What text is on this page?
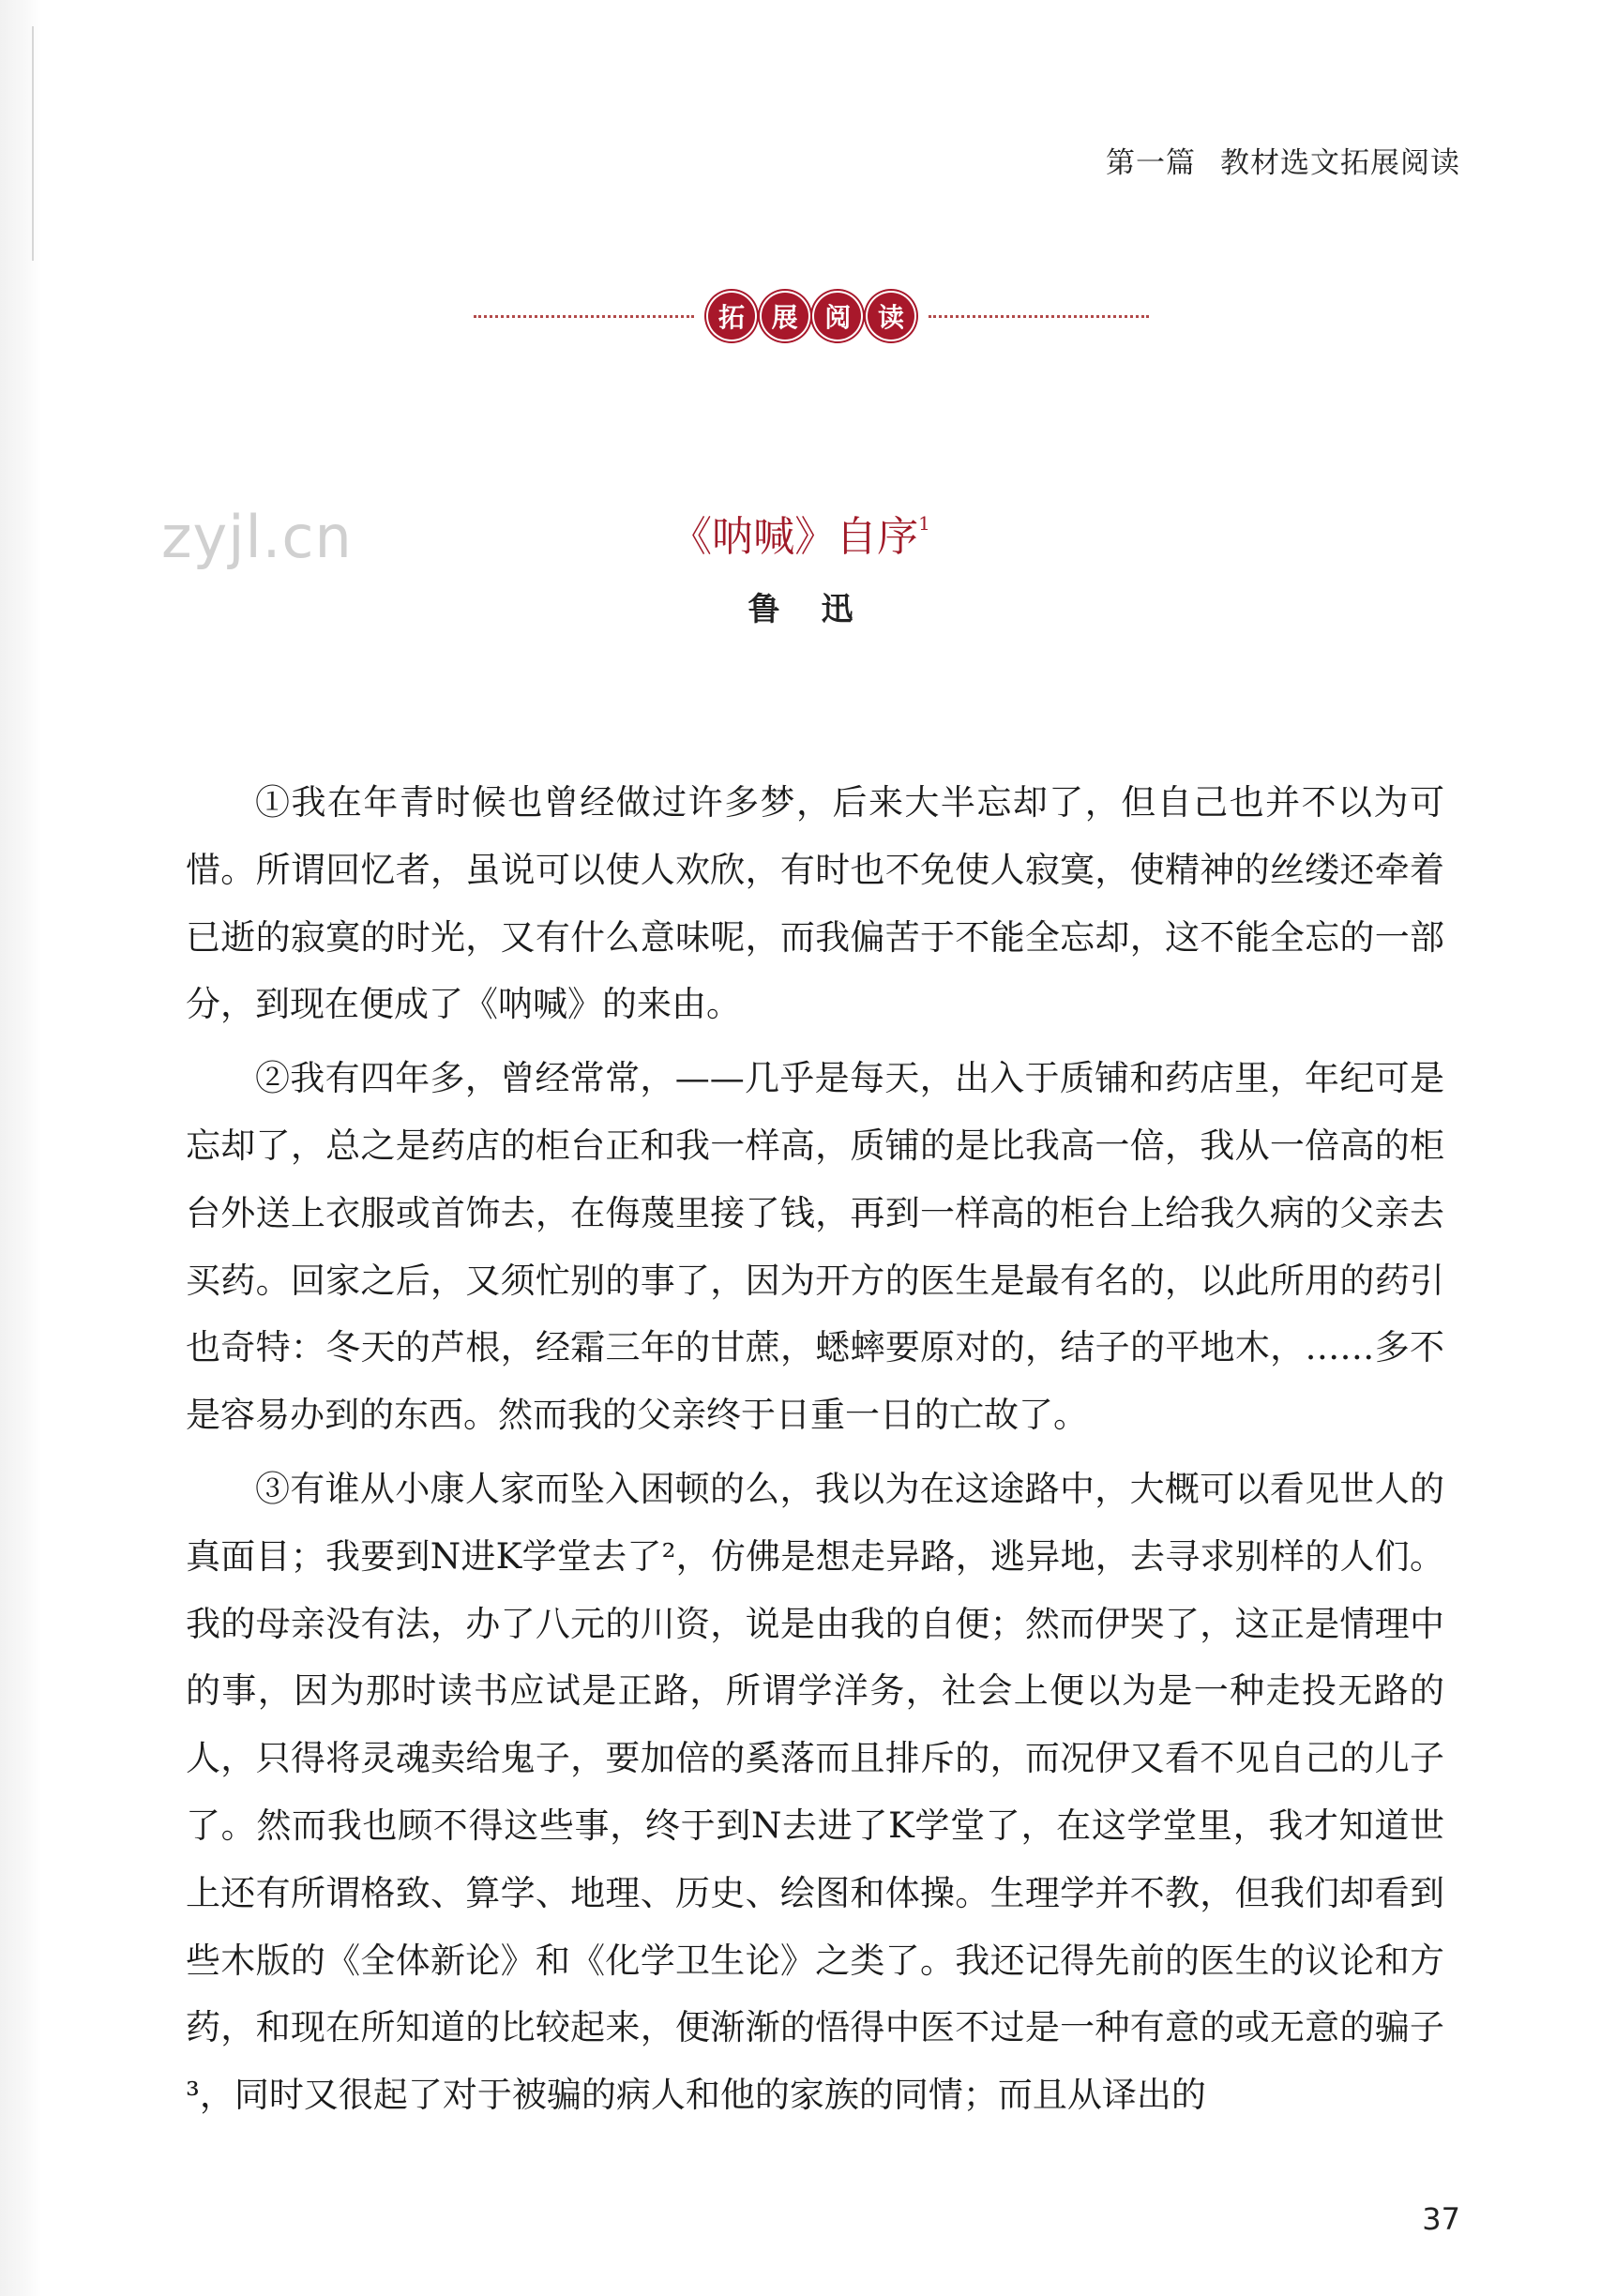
第一篇 教材选文拓展阅读
拓	展	阅	读
zyjl.cn	《呐喊》自序$^1$
鲁迅

①我在年青时候也曾经做过许多梦，后来大半忘却了，但自己也并不以为可惜。所谓回忆者，虽说可以使人欢欣，有时也不免使人寂寞，使精神的丝缕还牵着已逝的寂寞的时光，又有什么意味呢，而我偏苦于不能全忘却，这不能全忘的一部分，到现在便成了《呐喊》的来由。

②我有四年多，曾经常常，——几乎是每天，出入于质铺和药店里，年纪可是忘却了，总之是药店的柜台正和我一样高，质铺的是比我高一倍，我从一倍高的柜台外送上衣服或首饰去，在侮蔑里接了钱，再到一样高的柜台上给我久病的父亲去买药。回家之后，又须忙别的事了，因为开方的医生是最有名的，以此所用的药引也奇特：冬天的芦根，经霜三年的甘蔗，蟋蟀要原对的，结子的平地木，……多不是容易办到的东西。然而我的父亲终于日重一日的亡故了。

③有谁从小康人家而坠入困顿的么，我以为在这途路中，大概可以看见世人的真面目；我要到N进K学堂去了²，仿佛是想走异路，逃异地，去寻求别样的人们。我的母亲没有法，办了八元的川资，说是由我的自便；然而伊哭了，这正是情理中的事，因为那时读书应试是正路，所谓学洋务，社会上便以为是一种走投无路的人，只得将灵魂卖给鬼子，要加倍的奚落而且排斥的，而况伊又看不见自己的儿子了。然而我也顾不得这些事，终于到N去进了K学堂了，在这学堂里，我才知道世上还有所谓格致、算学、地理、历史、绘图和体操。生理学并不教，但我们却看到些木版的《全体新论》和《化学卫生论》之类了。我还记得先前的医生的议论和方药，和现在所知道的比较起来，便渐渐的悟得中医不过是一种有意的或无意的骗子³，同时又很起了对于被骗的病人和他的家族的同情；而且从译出的

37
